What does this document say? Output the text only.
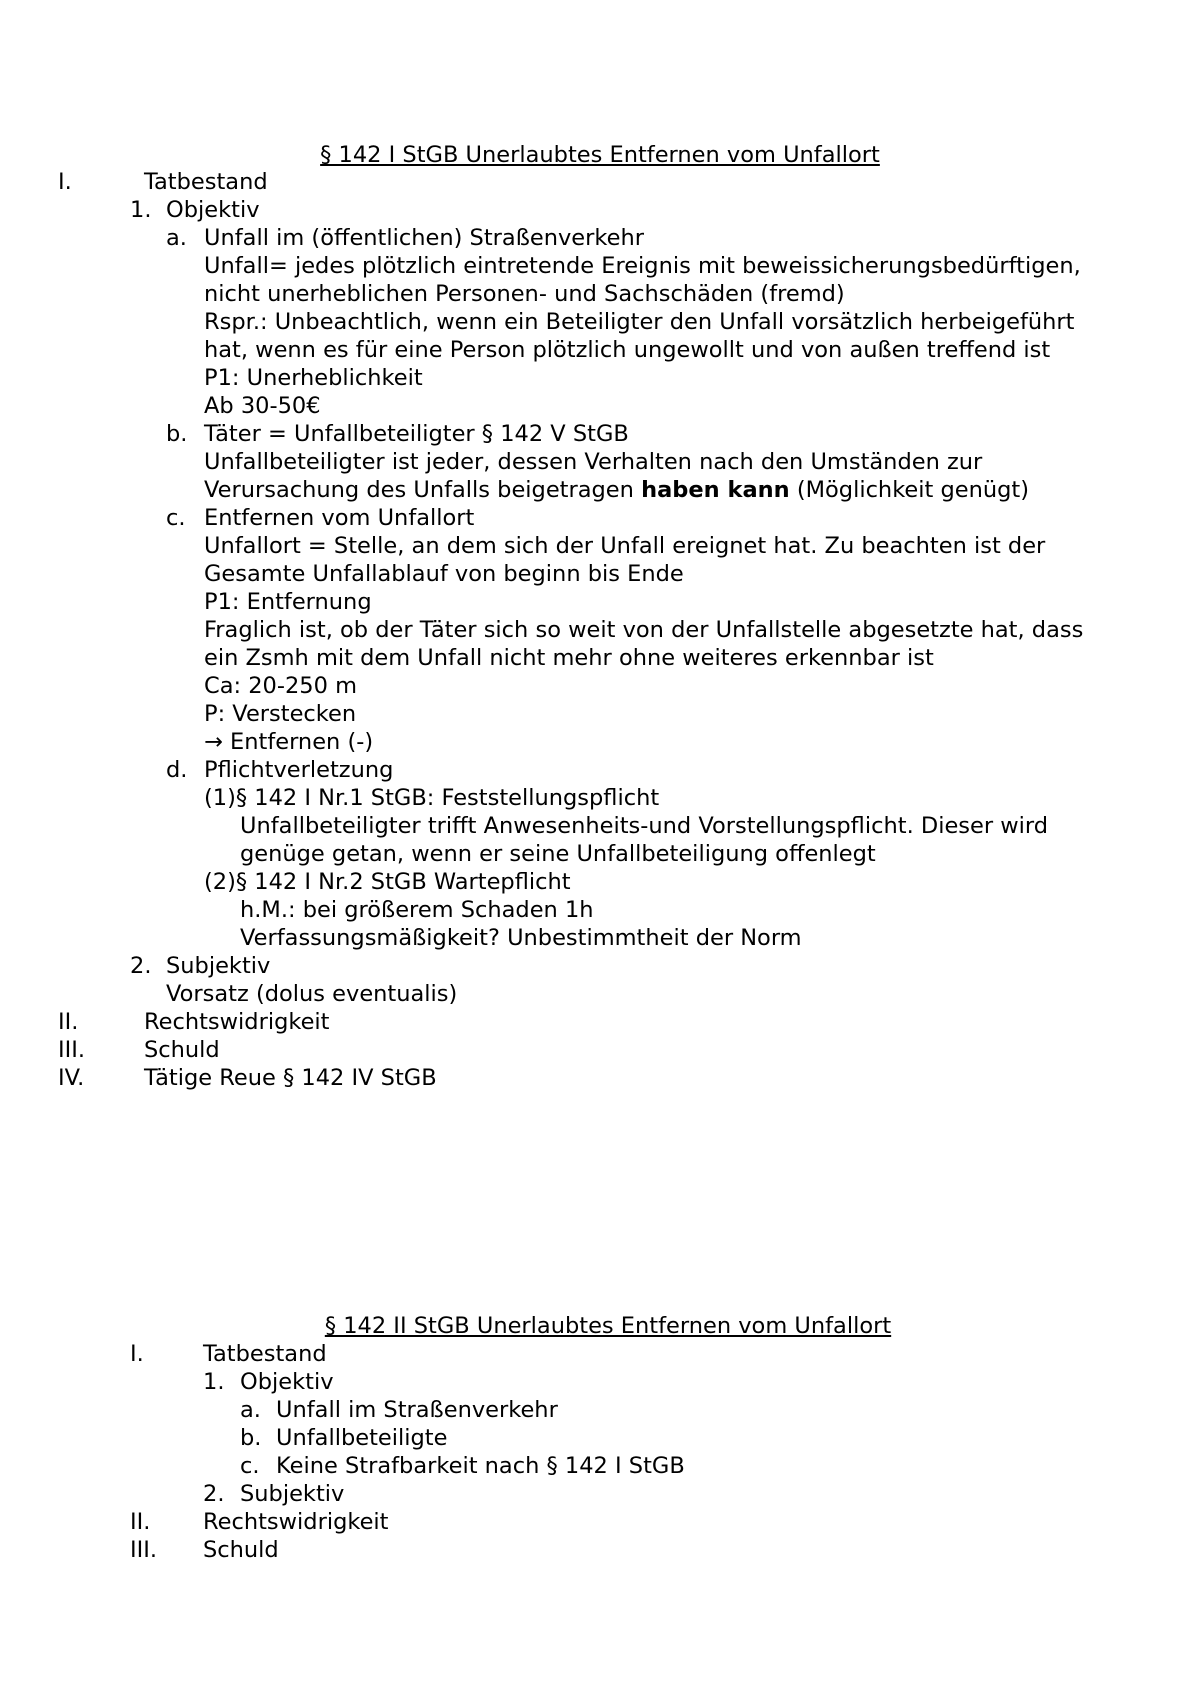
§ 142 I StGB Unerlaubtes Entfernen vom Unfallort
I.	Tatbestand
1. Objektiv
a. Unfall im (öffentlichen) Straßenverkehr
Unfall= jedes plötzlich eintretende Ereignis mit beweissicherungsbedürftigen,
nicht unerheblichen Personen- und Sachschäden (fremd)
Rspr.: Unbeachtlich, wenn ein Beteiligter den Unfall vorsätzlich herbeigeführt
hat, wenn es für eine Person plötzlich ungewollt und von außen treffend ist
P1: Unerheblichkeit
Ab 30-50€
b. Täter = Unfallbeteiligter § 142 V StGB
Unfallbeteiligter ist jeder, dessen Verhalten nach den Umständen zur
Verursachung des Unfalls beigetragen haben kann (Möglichkeit genügt)
c. Entfernen vom Unfallort
Unfallort = Stelle, an dem sich der Unfall ereignet hat. Zu beachten ist der
Gesamte Unfallablauf von beginn bis Ende
P1: Entfernung
Fraglich ist, ob der Täter sich so weit von der Unfallstelle abgesetzte hat, dass
ein Zsmh mit dem Unfall nicht mehr ohne weiteres erkennbar ist
Ca: 20-250 m
P: Verstecken
→ Entfernen (-)
d. Pflichtverletzung
(1)§ 142 I Nr.1 StGB: Feststellungspflicht
Unfallbeteiligter trifft Anwesenheits-und Vorstellungspflicht. Dieser wird
genüge getan, wenn er seine Unfallbeteiligung offenlegt
(2)§ 142 I Nr.2 StGB Wartepflicht
h.M.: bei größerem Schaden 1h
Verfassungsmäßigkeit? Unbestimmtheit der Norm
2. Subjektiv
Vorsatz (dolus eventualis)
II.	Rechtswidrigkeit
III.	Schuld
IV.	Tätige Reue § 142 IV StGB
§ 142 II StGB Unerlaubtes Entfernen vom Unfallort
I.	Tatbestand
1. Objektiv
a. Unfall im Straßenverkehr
b. Unfallbeteiligte
c. Keine Strafbarkeit nach § 142 I StGB
2. Subjektiv
II. Rechtswidrigkeit
III. Schuld
